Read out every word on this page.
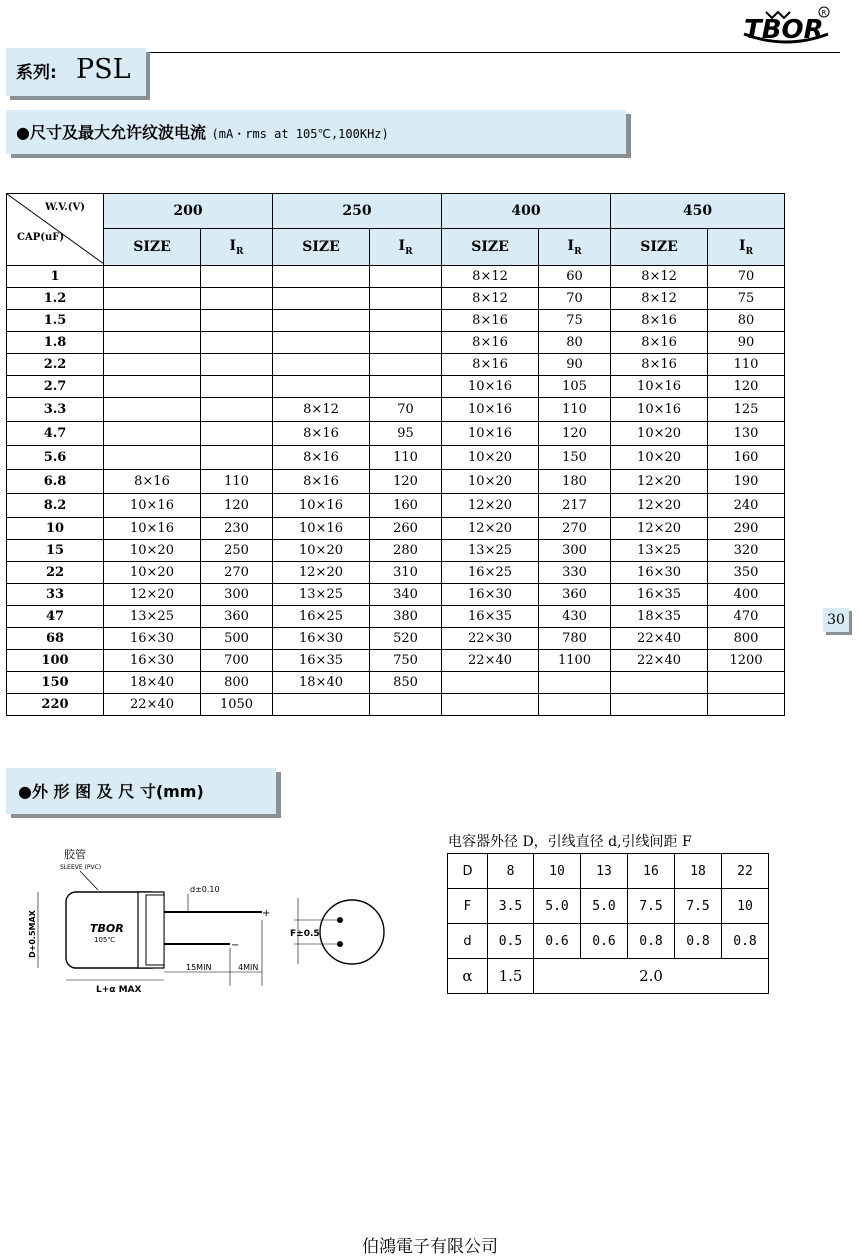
TBOR
R
系列: PSL
●尺寸及最大允许纹波电流 (mA・rms at 105℃,100KHz)
W.V.(V)
CAP(uF)	200		250		400		450	
	SIZE	$I_R$	SIZE	$I_R$	SIZE	$I_R$	SIZE	$I_R$
1					8×12	60	8×12	70
1.2					8×12	70	8×12	75
1.5					8×16	75	8×16	80
1.8					8×16	80	8×16	90
2.2					8×16	90	8×16	110
2.7					10×16	105	10×16	120
3.3			8×12	70	10×16	110	10×16	125
4.7			8×16	95	10×16	120	10×20	130
5.6			8×16	110	10×20	150	10×20	160
6.8	8×16	110	8×16	120	10×20	180	12×20	190
8.2	10×16	120	10×16	160	12×20	217	12×20	240
10	10×16	230	10×16	260	12×20	270	12×20	290
15	10×20	250	10×20	280	13×25	300	13×25	320
22	10×20	270	12×20	310	16×25	330	16×30	350
33	12×20	300	13×25	340	16×30	360	16×35	400
47	13×25	360	16×25	380	16×35	430	18×35	470
68	16×30	500	16×30	520	22×30	780	22×40	800
100	16×30	700	16×35	750	22×40	1100	22×40	1200
150	18×40	800	18×40	850				
220	22×40	1050						
30
●外 形 图 及 尺 寸(mm)
胶管
SLEEVE (PVC)
TBOR
105℃
+
−
d±0.10
D+0.5MAX
L+α MAX
15MIN	4MIN
F±0.5
电容器外径 D，引线直径 d,引线间距 F
D	8	10	13	16	18	22
F	3.5	5.0	5.0	7.5	7.5	10
d	0.5	0.6	0.6	0.8	0.8	0.8
α	1.5	2.0				
伯鴻電子有限公司
